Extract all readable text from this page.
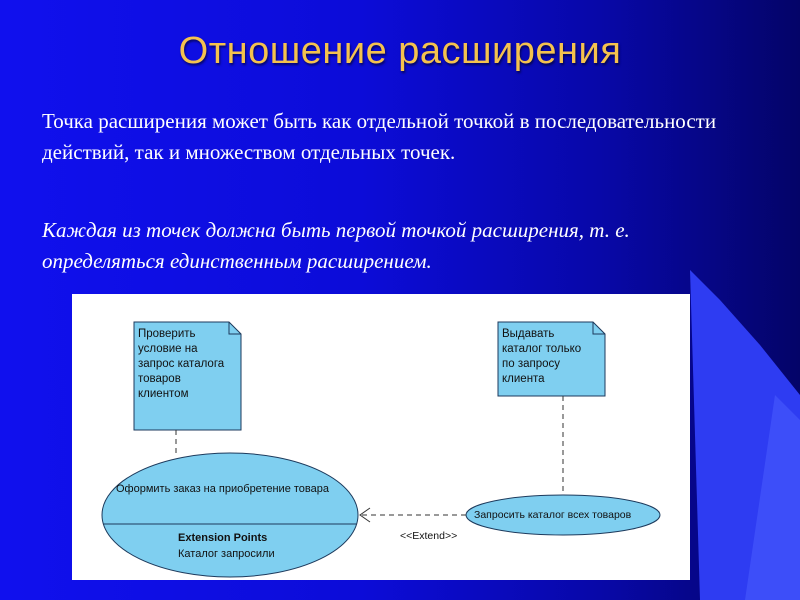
Отношение расширения

Точка расширения может быть как отдельной точкой в последовательности действий, так и множеством отдельных точек.

Каждая из точек должна быть первой точкой расширения, т. е. определяться единственным расширением.

Проверить
условие на
запрос каталога
товаров
клиентом
Выдавать
каталог только
по запросу
клиента
Оформить заказ на приобретение товара
Extension Points
Каталог запросили
Запросить каталог всех товаров
<<Extend>>
